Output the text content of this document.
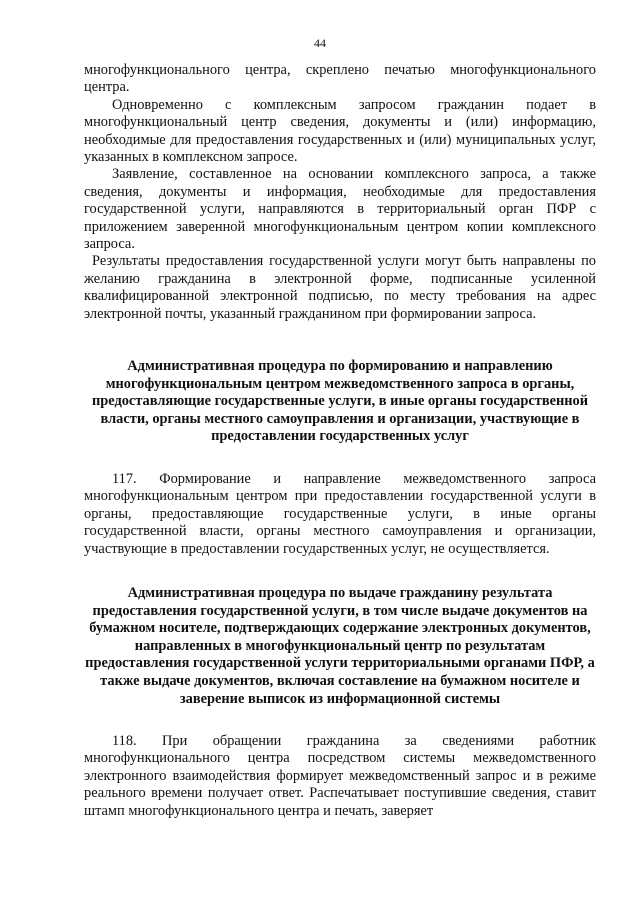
44

многофункционального центра, скреплено печатью многофункционального центра.

Одновременно с комплексным запросом гражданин подает в многофункциональный центр сведения, документы и (или) информацию, необходимые для предоставления государственных и (или) муниципальных услуг, указанных в комплексном запросе.

Заявление, составленное на основании комплексного запроса, а также сведения, документы и информация, необходимые для предоставления государственной услуги, направляются в территориальный орган ПФР с приложением заверенной многофункциональным центром копии комплексного запроса.

Результаты предоставления государственной услуги могут быть направлены по желанию гражданина в электронной форме, подписанные усиленной квалифицированной электронной подписью, по месту требования на адрес электронной почты, указанный гражданином при формировании запроса.

Административная процедура по формированию и направлению многофункциональным центром межведомственного запроса в органы, предоставляющие государственные услуги, в иные органы государственной власти, органы местного самоуправления и организации, участвующие в предоставлении государственных услуг

117. Формирование и направление межведомственного запроса многофункциональным центром при предоставлении государственной услуги в органы, предоставляющие государственные услуги, в иные органы государственной власти, органы местного самоуправления и организации, участвующие в предоставлении государственных услуг, не осуществляется.

Административная процедура по выдаче гражданину результата предоставления государственной услуги, в том числе выдаче документов на бумажном носителе, подтверждающих содержание электронных документов, направленных в многофункциональный центр по результатам предоставления государственной услуги территориальными органами ПФР, а также выдаче документов, включая составление на бумажном носителе и заверение выписок из информационной системы

118. При обращении гражданина за сведениями работник многофункционального центра посредством системы межведомственного электронного взаимодействия формирует межведомственный запрос и в режиме реального времени получает ответ. Распечатывает поступившие сведения, ставит штамп многофункционального центра и печать, заверяет
